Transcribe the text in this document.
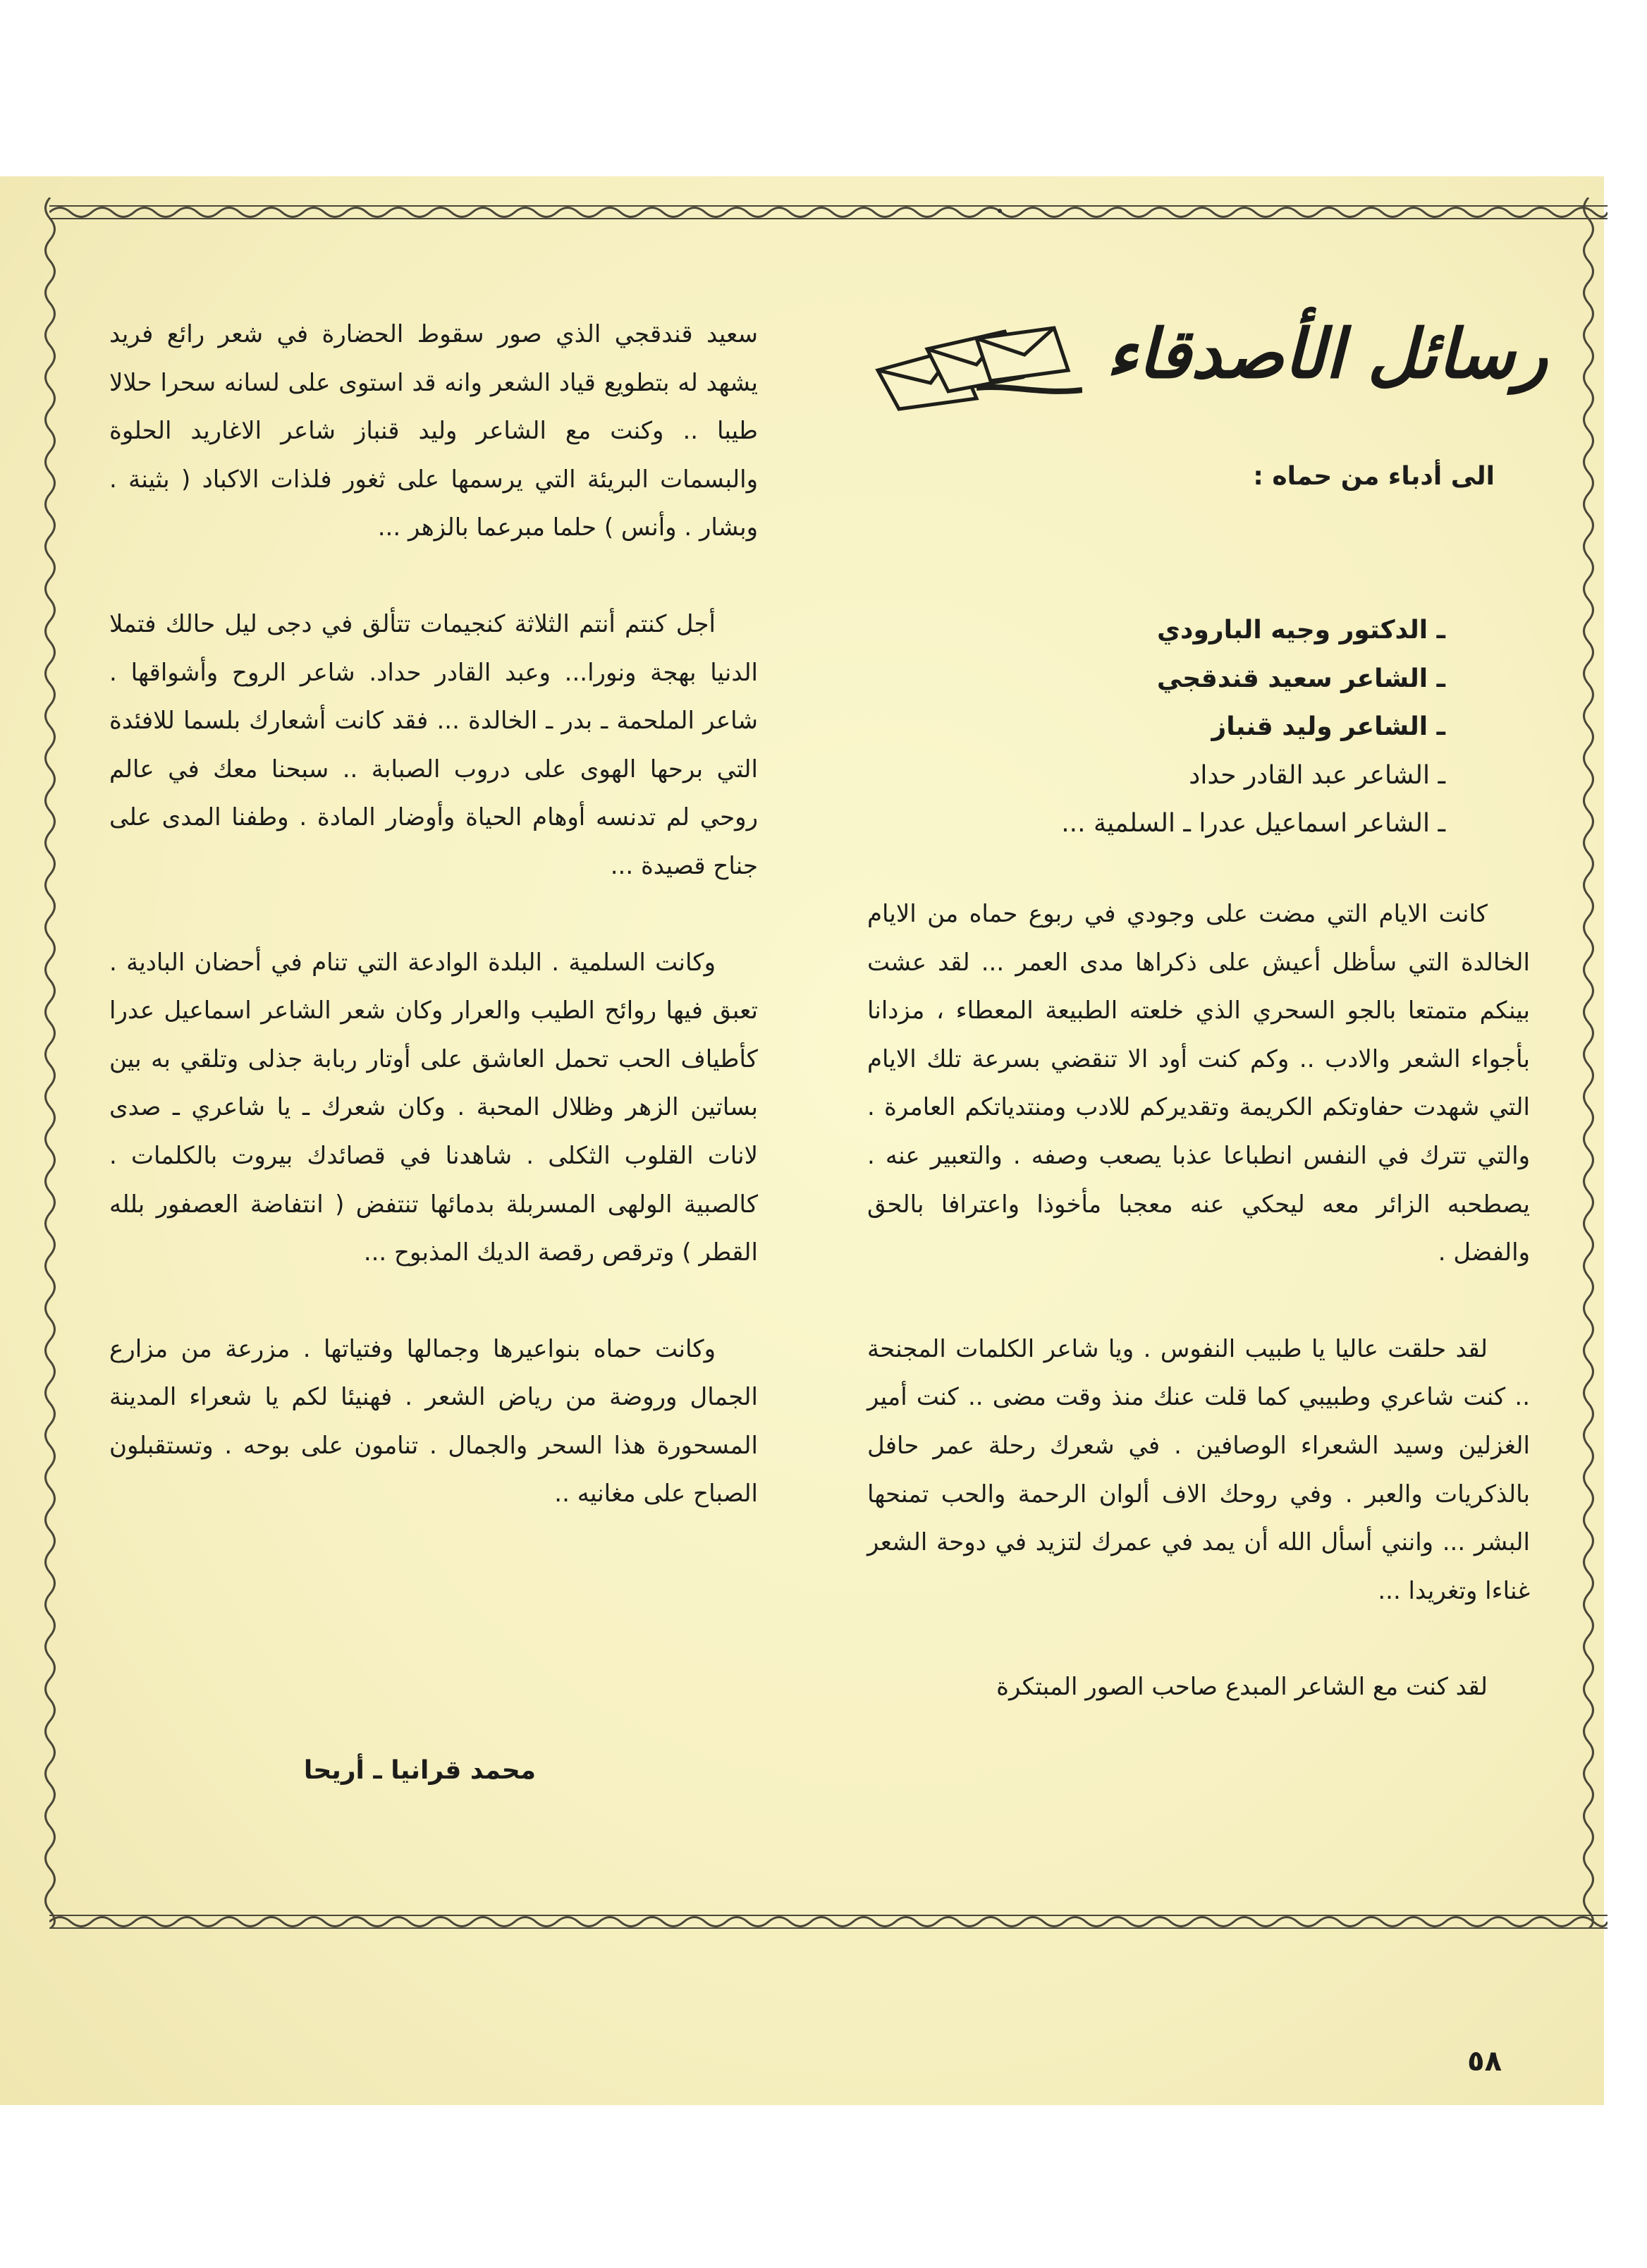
رسائل الأصدقاء
الى أدباء من حماه :
ـ الدكتور وجيه البارودي
ـ الشاعر سعيد قندقجي
ـ الشاعر وليد قنباز
ـ الشاعر عبد القادر حداد
ـ الشاعر اسماعيل عدرا ـ السلمية ...

كانت الايام التي مضت على وجودي في ربوع حماه من الايام الخالدة التي سأظل أعيش على ذكراها مدى العمر ... لقد عشت بينكم متمتعا بالجو السحري الذي خلعته الطبيعة المعطاء ، مزدانا بأجواء الشعر والادب .. وكم كنت أود الا تنقضي بسرعة تلك الايام التي شهدت حفاوتكم الكريمة وتقديركم للادب ومنتدياتكم العامرة . والتي تترك في النفس انطباعا عذبا يصعب وصفه . والتعبير عنه . يصطحبه الزائر معه ليحكي عنه معجبا مأخوذا واعترافا بالحق والفضل .

لقد حلقت عاليا يا طبيب النفوس . ويا شاعر الكلمات المجنحة .. كنت شاعري وطبيبي كما قلت عنك منذ وقت مضى .. كنت أمير الغزلين وسيد الشعراء الوصافين . في شعرك رحلة عمر حافل بالذكريات والعبر . وفي روحك الاف ألوان الرحمة والحب تمنحها البشر ... وانني أسأل الله أن يمد في عمرك لتزيد في دوحة الشعر غناءا وتغريدا ...

لقد كنت مع الشاعر المبدع صاحب الصور المبتكرة

سعيد قندقجي الذي صور سقوط الحضارة في شعر رائع فريد يشهد له بتطويع قياد الشعر وانه قد استوى على لسانه سحرا حلالا طيبا .. وكنت مع الشاعر وليد قنباز شاعر الاغاريد الحلوة والبسمات البريئة التي يرسمها على ثغور فلذات الاكباد ( بثينة . وبشار . وأنس ) حلما مبرعما بالزهر ...

أجل كنتم أنتم الثلاثة كنجيمات تتألق في دجى ليل حالك فتملا الدنيا بهجة ونورا... وعبد القادر حداد. شاعر الروح وأشواقها . شاعر الملحمة ـ بدر ـ الخالدة ... فقد كانت أشعارك بلسما للافئدة التي برحها الهوى على دروب الصبابة .. سبحنا معك في عالم روحي لم تدنسه أوهام الحياة وأوضار المادة . وطفنا المدى على جناح قصيدة ...

وكانت السلمية . البلدة الوادعة التي تنام في أحضان البادية . تعبق فيها روائح الطيب والعرار وكان شعر الشاعر اسماعيل عدرا كأطياف الحب تحمل العاشق على أوتار ربابة جذلى وتلقي به بين بساتين الزهر وظلال المحبة . وكان شعرك ـ يا شاعري ـ صدى لانات القلوب الثكلى . شاهدنا في قصائدك بيروت بالكلمات . كالصبية الولهى المسربلة بدمائها تنتفض ( انتفاضة العصفور بلله القطر ) وترقص رقصة الديك المذبوح ...

وكانت حماه بنواعيرها وجمالها وفتياتها . مزرعة من مزارع الجمال وروضة من رياض الشعر . فهنيئا لكم يا شعراء المدينة المسحورة هذا السحر والجمال . تنامون على بوحه . وتستقبلون الصباح على مغانيه ..

محمد قرانيا ـ أريحا
٥٨
